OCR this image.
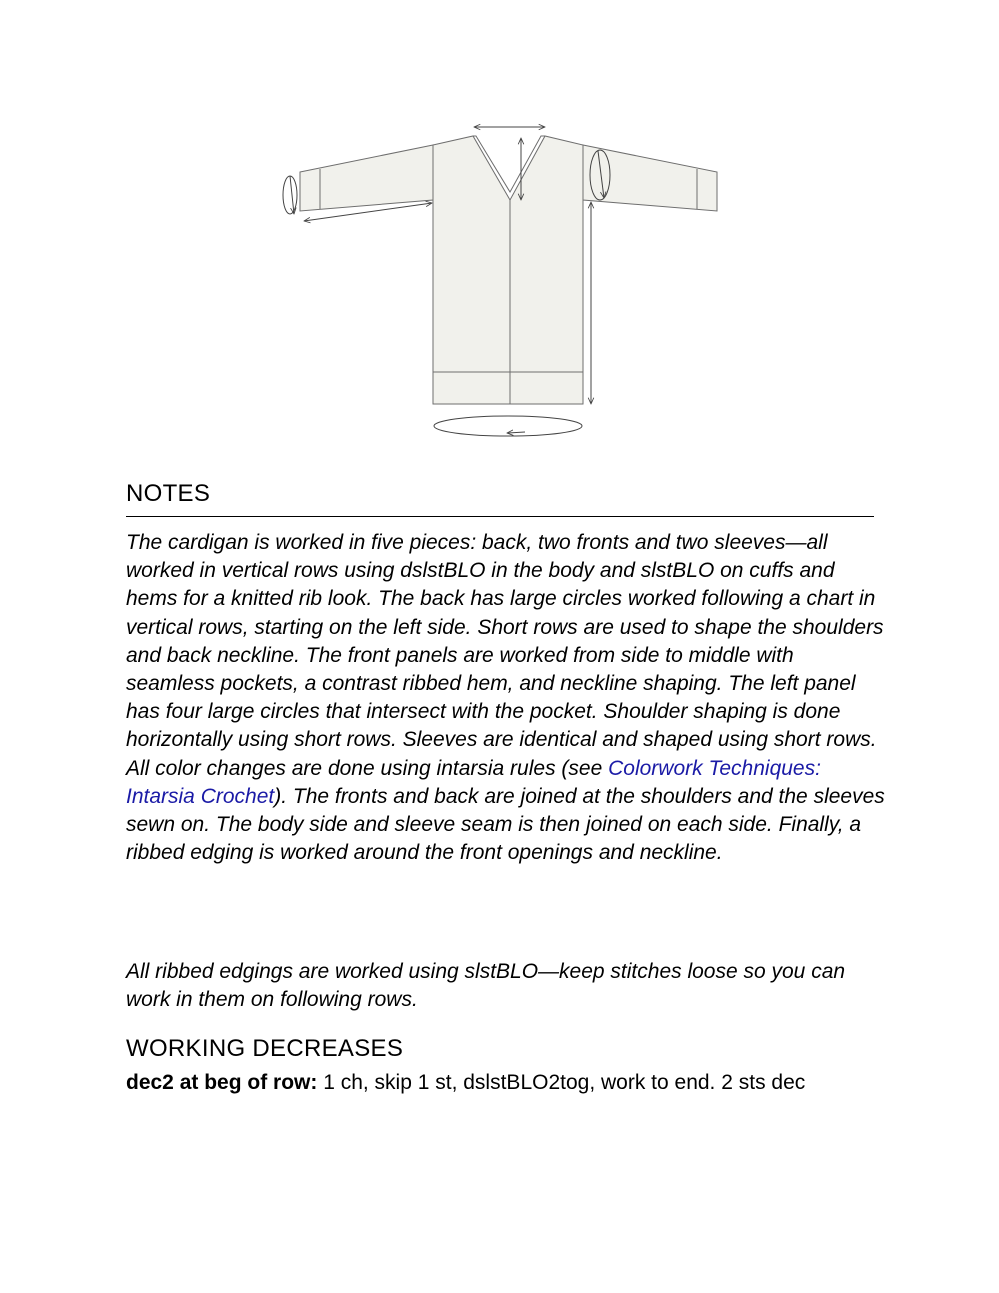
NOTES

The cardigan is worked in five pieces: back, two fronts and two sleeves—all worked in vertical rows using dslstBLO in the body and slstBLO on cuffs and hems for a knitted rib look. The back has large circles worked following a chart in vertical rows, starting on the left side. Short rows are used to shape the shoulders and back neckline. The front panels are worked from side to middle with seamless pockets, a contrast ribbed hem, and neckline shaping. The left panel has four large circles that intersect with the pocket. Shoulder shaping is done horizontally using short rows. Sleeves are identical and shaped using short rows. All color changes are done using intarsia rules (see Colorwork Techniques: Intarsia Crochet). The fronts and back are joined at the shoulders and the sleeves sewn on. The body side and sleeve seam is then joined on each side. Finally, a ribbed edging is worked around the front openings and neckline.

All ribbed edgings are worked using slstBLO—keep stitches loose so you can work in them on following rows.

WORKING DECREASES

dec2 at beg of row: 1 ch, skip 1 st, dslstBLO2tog, work to end. 2 sts dec
